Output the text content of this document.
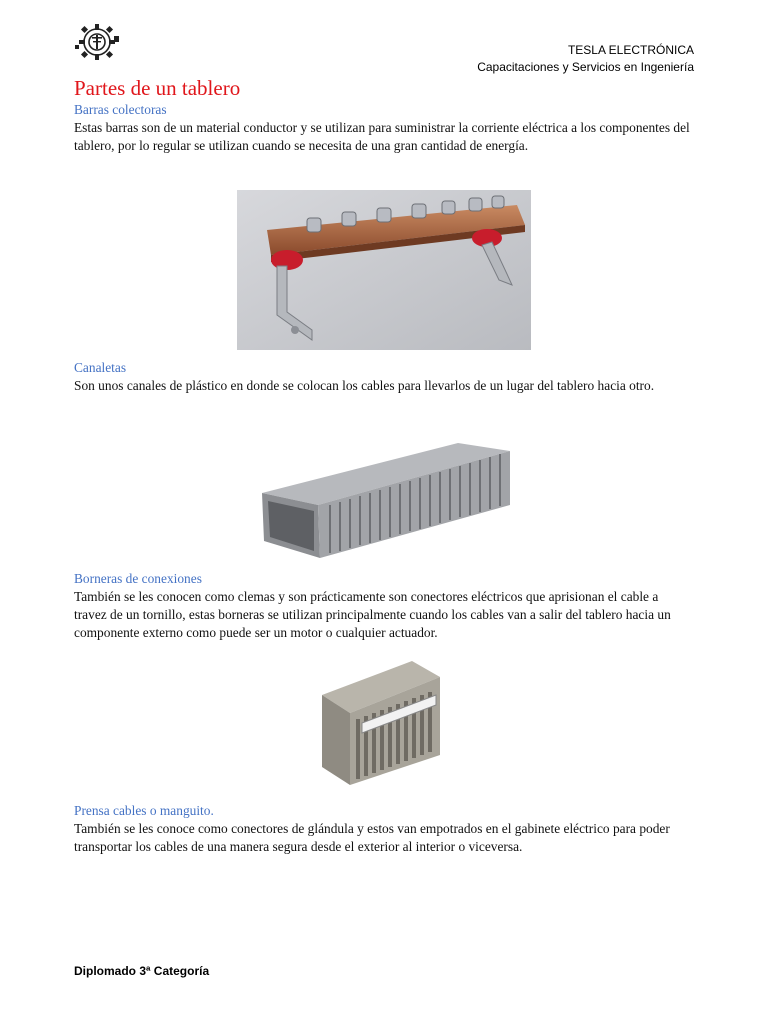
TESLA ELECTRÓNICA
Capacitaciones y Servicios en Ingeniería
Partes de un tablero
Barras colectoras
Estas barras son de un material conductor y se utilizan para suministrar la corriente eléctrica a los componentes del tablero, por lo regular se utilizan cuando se necesita de una gran cantidad de energía.
Canaletas
Son unos canales de plástico en donde se colocan los cables para llevarlos de un lugar del tablero hacia otro.
Borneras de conexiones
También se les conocen como clemas y son prácticamente son conectores eléctricos que aprisionan el cable a travez de un tornillo, estas borneras se utilizan principalmente cuando los cables van a salir del tablero hacia un componente externo como puede ser un motor o cualquier actuador.
Prensa cables o manguito.
También se les conoce como conectores de glándula y estos van empotrados en el gabinete eléctrico para poder transportar los cables de una manera segura desde el exterior al interior o viceversa.
Diplomado 3ª Categoría
